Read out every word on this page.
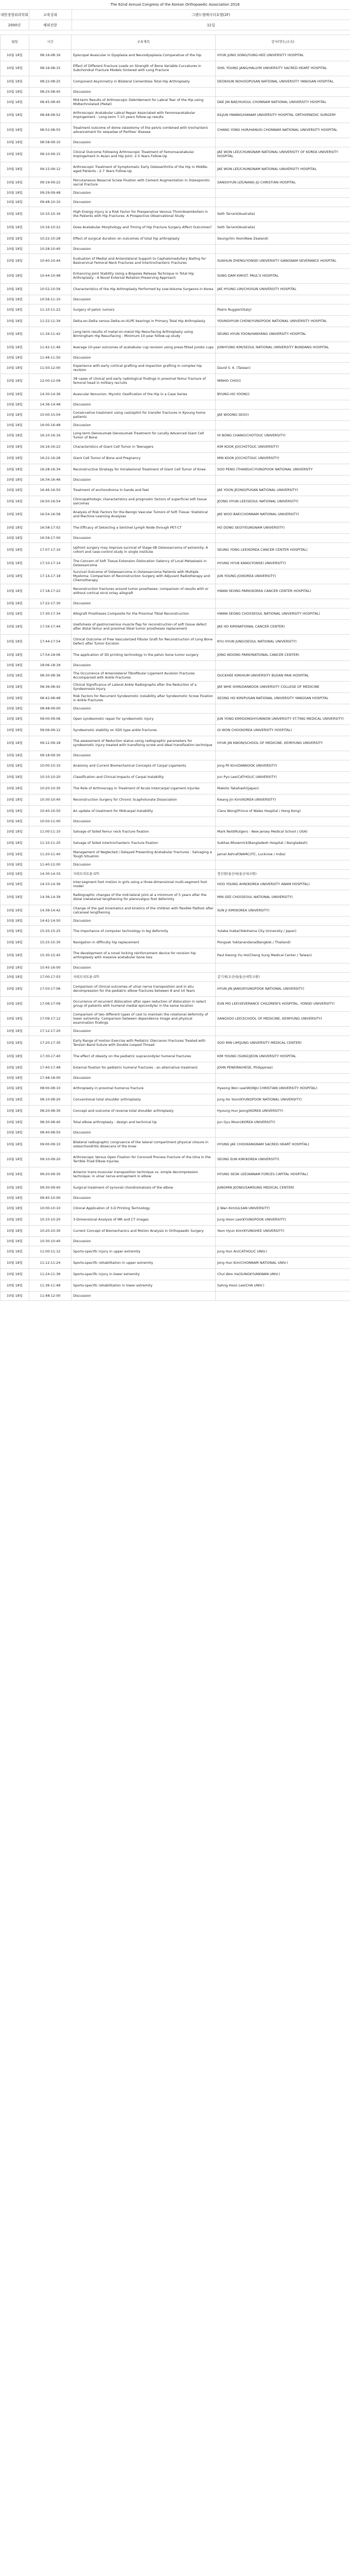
The 62nd Annual Congress of the Korean Orthopaedic Association 2018
대한정형외과학회	교육강좌	그랜드앰배서더호텔(2F)
2000년	해외전문	11일
월일	시간	교육제목	강사(연도/소속)
10월 18일	08:16-08:16	Episcopal Avascular in Dysplasia and Neurodysplasia Comparative of the hip	HYUK JUNG SONG/YUNG-HEE UNIVERSITY HOSPITAL
10월 18일	08:16-08:15	Effect of Different Fracture Loads on Strength of Bone Variable Curvatures in Subchondral Fracture Models Sintered with Long Fracture	GHIL YOUNG JANG/HALLYM UNIVERSITY SACRED HEART HOSPITAL
10월 18일	08:22-08:25	Component Asymmetry in Bilateral Cementless Total Hip Arthroplasty	DEOKHUN NOH/SOPUSAN NATIONAL UNIVERSITY YANGSAN HOSPITAL
10월 18일	08:25-08:45	Discussion	
10월 18일	08:45-08:45	Mid-term Results of Arthroscopic Debridement for Labral Tear of the Hip using Midtechnolated (Pedal)	DAE JIN BAE/HUIGUL CHONNAM NATIONAL UNIVERSITY HOSPITAL
10월 18일	08:48-08:52	Arthroscopic Acetabular Labral Repair Associated with Femoroacetabular Impingement : Long-term 7-10 years follow-up results	KILJUN HWANG/HANAM UNIVERSITY HOSPITAL ORTHOPAEDIC SURGERY
10월 18일	08:52-08:55	Treatment outcome of dome osteotomy of the pelvis combined with trochanteric advancement for sequelae of Perthes' disease	CHANG YONG HUR/HANUSI CHONNAM NATIONAL UNIVERSITY HOSPITAL
10월 18일	08:58-09:10	Discussion	
10월 18일	09:10-09:15	Clinical Outcome Following Arthroscopic Treatment of Femoroacetabular Impingement in Asian and Hip Joint: 2-5 Years Follow-Up	JAE WON LEE/CHUNGNAM NATIONAL UNIVERSITY OF KOREA UNIVERSITY HOSPITAL
10월 18일	09:15-09:12	Arthroscopic Treatment of Symptomatic Early Osteoarthritis of the Hip in Middle-aged Patients : 2-7 Years Follow-Up	JAE WON LEE/CHUNGNAM NATIONAL UNIVERSITY HOSPITAL
10월 18일	09:19-09:22	Percutaneous Resacral Screw Fixation with Cement Augmentation in Osteoporotic sacral Fracture	SANGHYUN LEE/NANG-JU CHRISTIAN HOSPITAL
10월 18일	09:29-09:48	Discussion	
10월 18일	09:48-10:10	Discussion	
10월 18일	10:10-10:16	High Energy Injury is a Risk Factor for Preoperative Venous Thromboembolism in the Patients with Hip Fractures: A Prospective Observational Study	Seth Tarrant(Australia)
10월 18일	10:16-10:22	Does Acetabular Morphology and Timing of Hip Fracture Surgery Affect Outcomes?	Seth Tarrant(Australia)
10월 18일	10:22-10:28	Effect of surgical duration on outcomes of total hip arthroplasty	Seungchin Yoon(New Zealand)
10월 18일	10:28-10:40	Discussion	
10월 18일	10:40-10:44	Evaluation of Medial and Anterolateral Support to Cephalomedullary Nailing for Basicervical Femoral Neck Fractures and Intertrochanteric Fractures	SUAHLIN ZHENG/YONSEI UNIVERSITY GANGNAM SEVERANCE HOSPITAL
10월 18일	10:44-10:48	Enhancing Joint Stability Using a Biopsies Release Technique in Total Hip Arthroplasty : A Novel External Rotation-Preserving Approach	SUNG DAM KIM/ST. PAUL'S HOSPITAL
10월 18일	10:52-10:56	Characteristics of the Hip Arthroplasty Performed by Low-Volume Surgeons in Korea	JAE HYUNG LIM/CHOSUN UNIVERSITY HOSPITAL
10월 18일	10:56-11:10	Discussion	
10월 18일	11:10-11:22	Surgery of pelvic tumors	Pietro Ruggieri(Italy)
10월 18일	11:22-11:34	Delta-on-Delta versus Delta-on-XLPE bearings in Primary Total Hip Arthroplasty	YOUNGHYUN CHOW/YUNGPOOK NATIONAL UNIVERSITY HOSPITAL
10월 18일	11:34-11:42	Long-term results of metal-on-metal Hip Resurfacing Arthroplasty using Birmingham Hip Resurfacing : Minimum 10-year follow-up study	SEUNG HYUN YOON/HANYANG UNIVERSITY HOSPITAL
10월 18일	11:42-11:46	Average 10-year outcomes of acetabular cup revision using press-fitted jumbo cups	JUNHYUNG KIM/SEOUL NATIONAL UNIVERSITY BUNDANG HOSPITAL
10월 18일	11:46-11:50	Discussion	
10월 18일	11:50-12:00	Experience with early cortical grafting and impaction grafting in complex hip revision	David S. K. (Taiwan)
10월 18일	12:00-12:09	38 cases of clinical and early radiological findings in proximal femur fracture of femoral head in military recruits	MINHO CHO(i)
10월 18일	14:30-14:36	Avascular Nonunion: Mycotic Ossification of the Hip in a Case Series	BYUNG-HO YOON(i)
10월 18일	14:36-14:48	Discussion	
10월 18일	15:00-15:04	Conservative treatment using cast/splint for transfer fractures in Kyoung home patients	JAE WOONG SEO(i)
10월 18일	16:00-16:48	Discussion	
10월 18일	16:10-16:16	Long-term Denosumab Denosumab Treatment for Locally Advanced Giant Cell Tumor of Bone	HI BONG CHANG(CHOTOUC UNIVERSITY)
10월 18일	16:16-16:22	Characteristics of Giant Cell Tumor in Teenagers	KIM KOOK JO(CHOTOUC UNIVERSITY)
10월 18일	16:22-16:28	Giant Cell Tumor of Bone and Pregnancy	MIN KOOK JO(CHOTOUC UNIVERSITY)
10월 18일	16:28-16:34	Reconstructive Strategy for Intralesional Treatment of Giant Cell Tumor of Knee	SOO PENG (THANSUC)YUNGPOOK NATIONAL UNIVERSITY
10월 18일	16:34-16:46	Discussion	
10월 18일	16:46-16:50	Treatment of enchondroma in hands and feet	JAE YOON JEONG(PUSAN NATIONAL UNIVERSITY)
10월 18일	16:50-16:54	Clinicopathologic characteristics and prognostic factors of superficial soft tissue sarcomas	JEONG HYUN LEE(SEOUL NATIONAL UNIVERSITY)
10월 18일	16:54-16:58	Analysis of Risk Factors for the Benign Vascular Tumors of Soft Tissue: Statistical and Machine Learning Analyses	JAE WOO BAE(CHONNAM NATIONAL UNIVERSITY)
10월 18일	16:58-17:02	The Efficacy of Detecting a Sentinel Lymph Node through PET-CT	HO DONG SEO(YEUNGNAM UNIVERSITY)
10월 18일	16:59-17:00	Discussion	
10월 18일	17:07-17:10	Upfront surgery may improve survival of Stage IIB Osteosarcoma of extremity: A cohort and case-control study in single institute	SEUNG YONG LEE(KOREA CANCER CENTER HOSPITAL)
10월 18일	17:10-17:14	The Concern of Soft Tissue Extension Dislocation (latency of Local Metastasis in Osteosarcoma	HYUNG HYUK KANG(YONSEI UNIVERSITY)
10월 18일	17:14-17:18	Survival Outcome of Osteosarcoma in Osteosarcoma Patients with Multiple Myeloma: Comparison of Reconstruction Surgery with Adjuvant Radiotherapy and Chemotherapy	JUN YOUNG JO(KOREA UNIVERSITY)
10월 18일	17:18-17:22	Reconstruction fractures around tumor prostheses: comparison of results with or without cortical strut onlay allograft	HWAN SEONG PARK(KOREA CANCER CENTER HOSPITAL)
10월 18일	17:22-17:30	Discussion	
10월 18일	17:30-17:34	Allograft Prostheses Composite for the Proximal Tibial Reconstruction	HWAN SEONG CHOI(SEOUL NATIONAL UNIVERSITY HOSPITAL)
10월 18일	17:34-17:44	Usefulness of gastrocnemius muscle flap for reconstruction of soft tissue defect after distal femur and proximal tibial tumor prostheses replacement	JAE HO KIM(NATIONAL CANCER CENTER)
10월 18일	17:44-17:54	Clinical Outcome of Free Vascularized Fibular Graft for Reconstruction of Long Bone Defect after Tumor Excision	KYU HYUN JUNG(SEOUL NATIONAL UNIVERSITY)
10월 18일	17:54-18:06	The application of 3D printing technology in the pelvic bone tumor surgery	JONG WOONG PARK(NATIONAL CANCER CENTER)
10월 18일	18:06-18:18	Discussion	
10월 18일	08:30-08:36	The Occurrence of Anterolateral Tibiofibular Ligament Avulsion Fractures Accompanied with Ankle Fractures	DUCKHEE KIM/HUM UNIVERSITY BUSAN PAIK HOSPITAL
10월 18일	08:36-08:42	Clinical Significance of Lateral Ankle Radiographs after the Reduction of a Syndesmosis Injury	JAE WHE SHIN/DANKOOK UNIVERSITY COLLEGE OF MEDICINE
10월 18일	08:42-08:48	Risk Factors for Recurrent Syndesmotic instability after Syndesmotic Screw Fixation in Ankle Fractures	SEONG HO KIM/PUSAN NATIONAL UNIVERSITY YANGSAN HOSPITAL
10월 18일	08:48-09:00	Discussion	
10월 18일	09:00-09:06	Open syndesmotic repair for syndesmotic injury	JUN YONG KIM(DONGHYUNWON UNIVERSITY ST.TING MEDICAL UNIVERSITY)
10월 18일	09:06-09:12	Syndesmotic stability on SDS type ankle fractures	GI WON CHOI(KOREA UNIVERSITY HOSPITAL)
10월 18일	09:12-09:18	The assessment of Reduction status using radiographic parameters for syndesmotic injury treated with transfixing screw and ideal transfixation technique	HYUK JIN KWON/SCHOOL OF MEDICINE, KEIMYUNG UNIVERSITY
10월 18일	09:18-09:30	Discussion	
10월 18일	10:00-10:10	Anatomy and Current Biomechanical Concepts of Carpal Ligaments	Jong Pil Kim(DANKOOK UNIVERSITY)
10월 18일	10:10-10:20	Classification and Clinical Impacts of Carpal Instability	Jun Pyo Lee(CATHOLIC UNIVERSITY)
10월 18일	10:20-10:30	The Role of Arthroscopy in Treatment of Acute Intercarpal Ligament Injuries	Makoto Takahashi(Japan)
10월 18일	10:30-10:40	Reconstruction Surgery for Chronic Scapholunate Dissociation	Kwang Jin Kim(KOREA UNIVERSITY)
10월 18일	10:40-10:50	An update of treatment for Midcarpal Instability	Clara Wong(Prince of Wales Hospital / Hong Kong)
10월 18일	10:50-11:00	Discussion	
10월 18일	11:00-11:10	Salvage of failed femur neck fracture fixation	Mark Reid(Rutgers - New Jersey Medical School / USA)
10월 18일	11:10-11:20	Salvage of failed intertrochanteric fracture fixation	Subhas Bhowmick(Bangladesh Hospital / Bangladesh)
10월 18일	11:20-11:40	Management of Neglected / Delayed Presenting Acetabular Fractures : Salvaging a Tough Situation	Jamal Ashraf(NAMC/ITC, Lucknow / India)
10월 18일	11:40-12:00	Discussion	
10월 18일	14:30-14:33	저희모의토론 OTI	장인현(울산대/울산대교원)
10월 18일	14:33-14:36	Inter-segment foot motion in girls using a three-dimensional multi-segment foot model	HOO YOUNG AHN(KOREA UNIVERSITY ANAM HOSPITAL)
10월 18일	14:36-14:39	Radiographic changes of the mid-lateral joint at a minimum of 5 years after the distal metatarsal lengthening for planovalgus foot deformity	MIN GEE CHO(SEOUL NATIONAL UNIVERSITY)
10월 18일	14:39-14:42	Change of the gait kinematics and kinetics of the children with flexible flatfoot after calcaneal lengthening	SUN JI KIM(KOREA UNIVERSITY)
10월 18일	14:42-14:50	Discussion	
10월 18일	15:20-15:25	The importance of computer technology in leg deformity	Yutaka Inaba(Yokohama City University / Japan)
10월 18일	15:25-15:30	Navigation in difficulty hip replacement	Pongsak Yuktanandana(Bangkok / Thailand)
10월 18일	15:30-15:45	The development of a novel locking reinforcement device for revision hip arthroplasty with massive acetabular bone loss	Paul Kwong Yiu Ho(Cheng Sung Medical Center / Taiwan)
10월 18일	15:45-16:00	Discussion	
10월 18일	17:00-17:03	저희모의토론 OTI	김기세(조선대/울산대학교원)
10월 18일	17:03-17:06	Comparison of clinical outcomes of ulnar nerve transposition and in situ decompression for the pediatric elbow fractures between 8 and 14 Years	HYUN JIN JANG(KYUNGPOOK NATIONAL UNIVERSITY)
10월 18일	17:06-17:09	Occurrence of recurrent dislocation after open reduction of dislocation in select group of patients with humeral medial epicondylar in the same location	EUN MO LEE(SEVERANCE CHILDREN'S HOSPITAL, YONSEI UNIVERSITY)
10월 18일	17:09-17:12	Comparison of two different types of cast to maintain the rotational deformity of lower extremity: Comparison between dependence image and physical examination findings	SANGSOO LEE(SCHOOL OF MEDICINE, KEIMYUNG UNIVERSITY)
10월 18일	17:12-17:20	Discussion	
10월 18일	17:20-17:30	Early Range of motion Exercise with Pediatric Olecranon Fractures Treated with Tension Band Suture with Double Looped Thread	SOO MIN LIM(JUNG UNIVERSITY MEDICAL CENTER)
10월 18일	17:30-17:40	The effect of obesity on the pediatric supracondylar humeral fractures	KIM YOUNG (SUNG)JEON UNIVERSITY HOSPITAL
10월 18일	17:40-17:48	External fixation for pediatric humeral fractures : an alternative treatment	JOHN PENEIRA(HESE, Philippines)
10월 18일	17:48-18:00	Discussion	
10월 18일	08:00-08:10	Arthroplasty in proximal humerus fracture	Hyeong Won Lee(WONJU CHRISTIAN UNIVERSITY HOSPITAL)
10월 18일	08:10-08:20	Conventional total shoulder arthroplasty	Jung Ho Yoon(KYUNGPOOK NATIONAL UNIVERSITY)
10월 18일	08:20-08:30	Concept and outcome of reverse total shoulder arthroplasty	Hyoung Hun Jeong(KOREA UNIVERSITY)
10월 18일	08:30-08:40	Total elbow arthroplasty : design and technical tip	Jun Gyu Moon(KOREA UNIVERSITY)
10월 18일	08:40-08:50	Discussion	
10월 18일	09:00-09:10	Bilateral radiographic congruence of the lateral compartment physical closure in osteochondritis dissecans of the knee	HYUNG JAE CHOI(KANGNAM SACRED HEART HOSPITAL)
10월 18일	09:10-09:20	Arthroscopic Versus Open Fixation for Coronoid Process Fracture of the Ulna in the Terrible Triad Elbow Injuries	SEONG EUN KIM(KOREA UNIVERSITY)
10월 18일	09:20-09:30	Anterior trans-muscular transposition technique vs. simple decompression technique: in ulnar nerve entrapment in elbow	HYUNG SEOK LEE(ANNAM FORCES CAPITAL HOSPITAL)
10월 18일	09:30-09:40	Surgical treatment of synovial chondromatosis of the elbow	JUNGMIN JEONG(SAMSUNG MEDICAL CENTER)
10월 18일	09:40-10:00	Discussion	
10월 18일	10:00-10:10	Clinical Application of 3-D Printing Technology	Ji Wan Kim(ULSAN UNIVERSITY)
10월 18일	10:10-10:20	3-Dimensional Analysis of MR and CT images	Jung Hoon Lee(KYUNGPOOK UNIVERSITY)
10월 18일	10:20-10:30	Current Concept of Biomechanics and Motion Analysis in Orthopaedic Surgery	Yeon Hyun Kim(KYUNGHEE UNIVERSITY)
10월 18일	10:30-10:40	Discussion	
10월 18일	11:00-11:12	Sports-specific injury in upper extremity	Jung Hun An(CATHOLIC UNIV.)
10월 18일	11:12-11:24	Sports-specific rehabilitation in upper extremity	Jong Hun Kim(CHONNAM NATIONAL UNIV.)
10월 18일	11:24-11:36	Sports-specific injury in lower extremity	Chul Won Ha(SUNGKYUNKWAN UNIV.)
10월 18일	11:36-11:48	Sports-specific rehabilitation in lower extremity	Sahng Hoon Lee(CHA UNIV.)
10월 18일	11:48-12:00	Discussion	
